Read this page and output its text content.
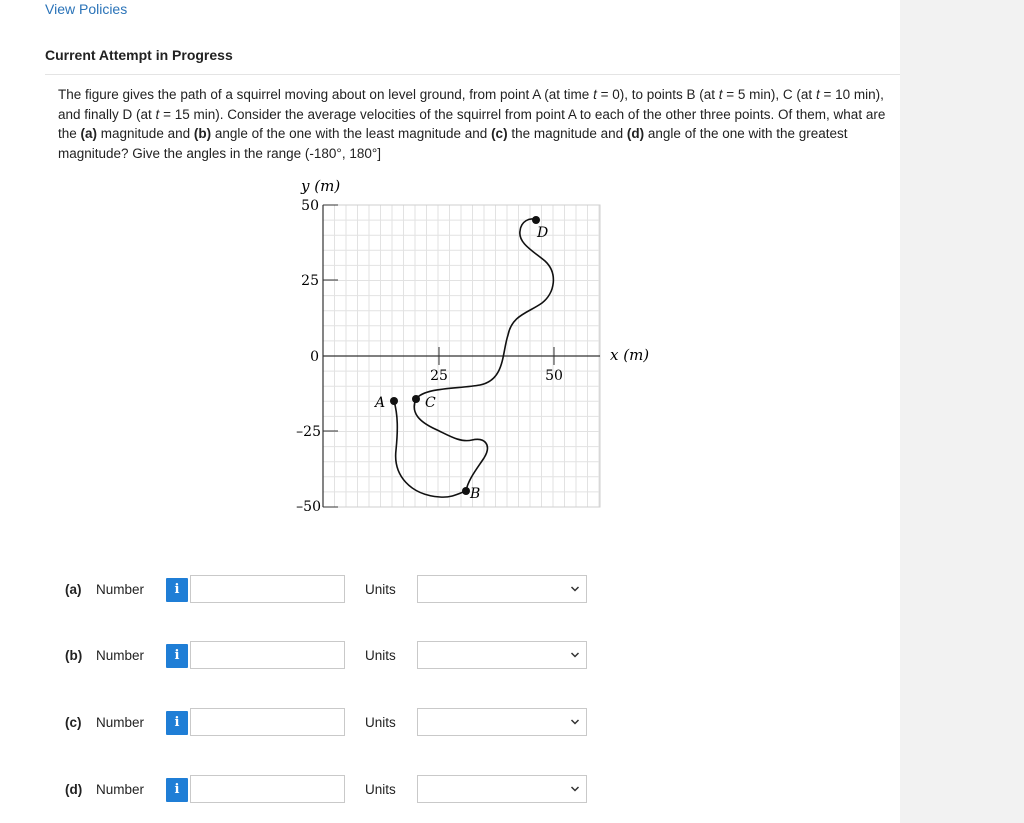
View Policies
Current Attempt in Progress
The figure gives the path of a squirrel moving about on level ground, from point A (at time t = 0), to points B (at t = 5 min), C (at t = 10 min), and finally D (at t = 15 min). Consider the average velocities of the squirrel from point A to each of the other three points. Of them, what are the (a) magnitude and (b) angle of the one with the least magnitude and (c) the magnitude and (d) angle of the one with the greatest magnitude? Give the angles in the range (-180°, 180°]
y (m)
x (m)
50
25
0
–25
–50
25	50
A
B
C
D
(a) Number	i	Units
(b) Number	i	Units
(c) Number	i	Units
(d) Number	i	Units
